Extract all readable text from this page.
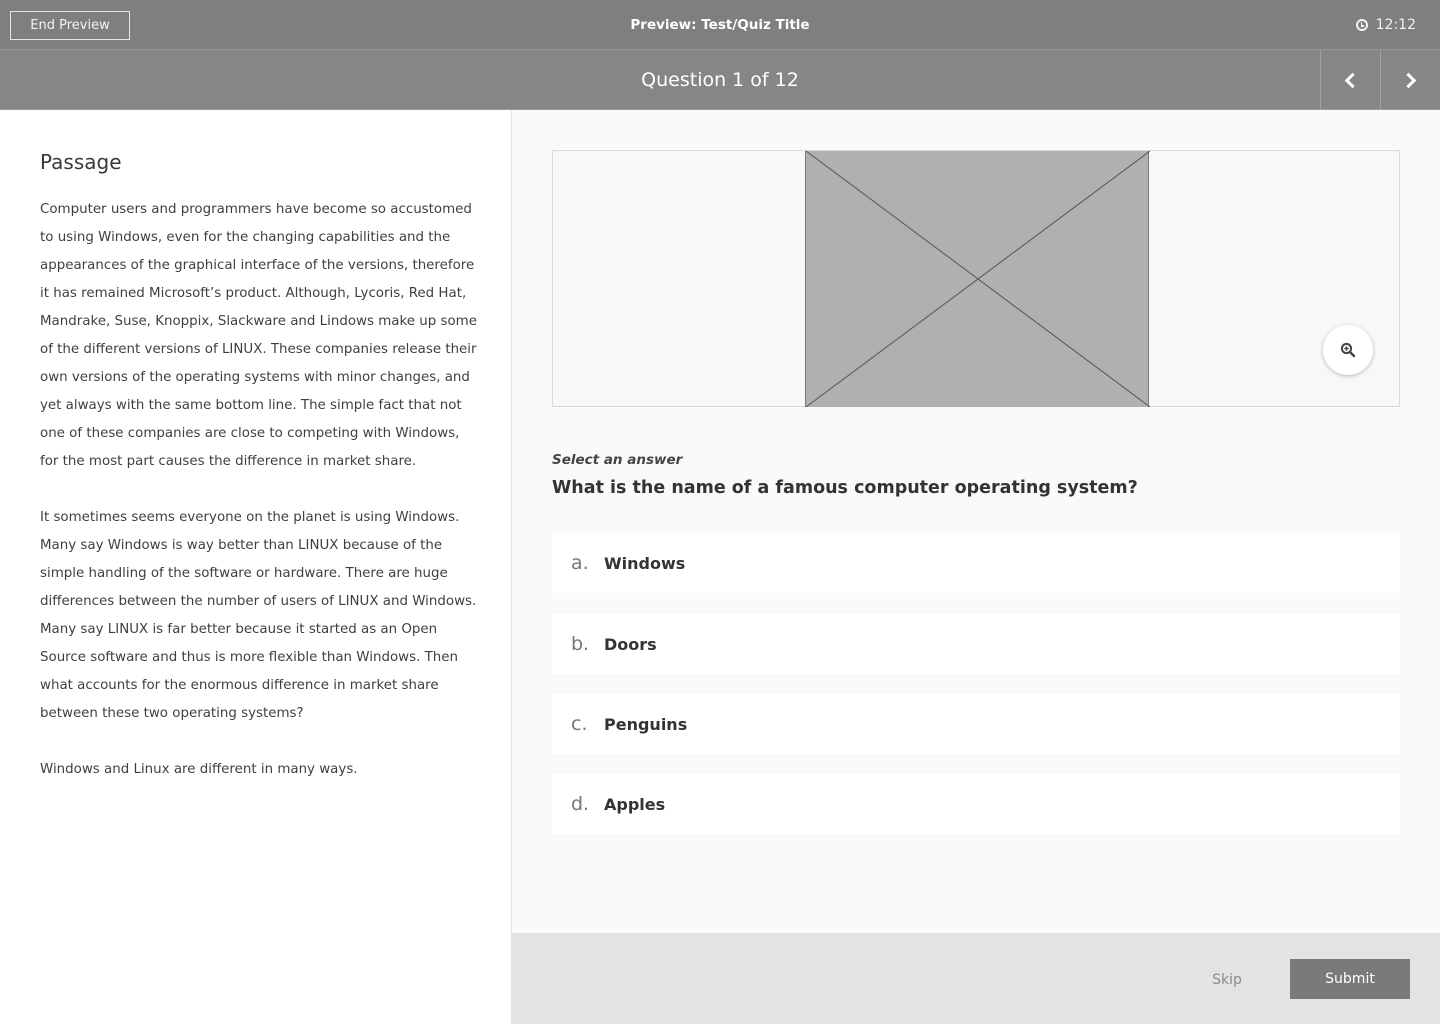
End Preview	Preview: Test/Quiz Title	12:12
Question 1 of 12
Passage

Computer users and programmers have become so accustomed to using Windows, even for the changing capabilities and the appearances of the graphical interface of the versions, therefore it has remained Microsoft’s product. Although, Lycoris, Red Hat, Mandrake, Suse, Knoppix, Slackware and Lindows make up some of the different versions of LINUX. These companies release their own versions of the operating systems with minor changes, and yet always with the same bottom line. The simple fact that not one of these companies are close to competing with Windows, for the most part causes the difference in market share.

It sometimes seems everyone on the planet is using Windows. Many say Windows is way better than LINUX because of the simple handling of the software or hardware. There are huge differences between the number of users of LINUX and Windows. Many say LINUX is far better because it started as an Open Source software and thus is more flexible than Windows. Then what accounts for the enormous difference in market share between these two operating systems?

Windows and Linux are different in many ways.

Select an answer
What is the name of a famous computer operating system?
a. Windows
b. Doors
c.	Penguins
d. Apples
Skip	Submit
